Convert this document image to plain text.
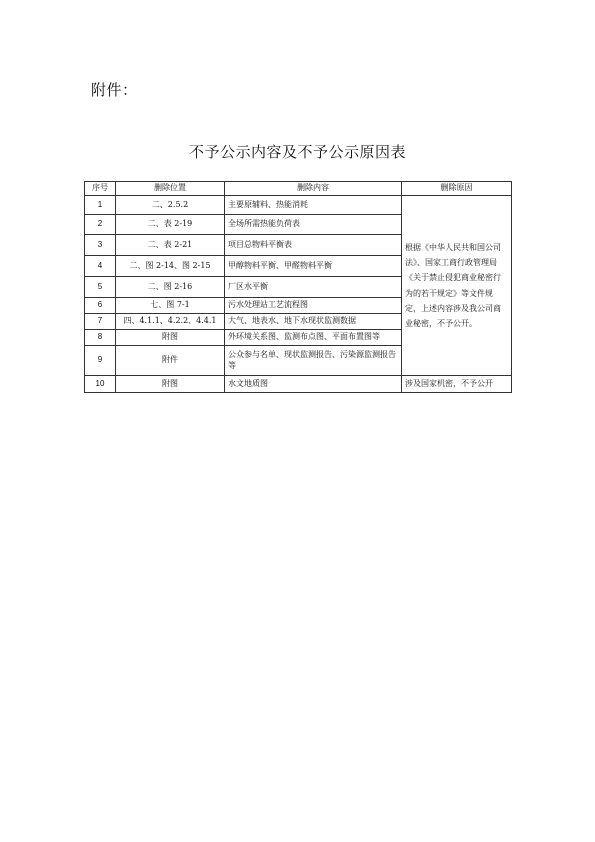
附件：
不予公示内容及不予公示原因表
序号	删除位置	删除内容	删除原因
1	二、2.5.2	主要原辅料、热能消耗	根据《中华人民共和国公司法》、国家工商行政管理局《关于禁止侵犯商业秘密行为的若干规定》等文件规定，上述内容涉及我公司商业秘密，不予公开。
2	二、表 2-19	全场所需热能负荷表	
3	二、表 2-21	项目总物料平衡表	
4	二、图 2-14、图 2-15	甲醇物料平衡、甲醛物料平衡	
5	二、图 2-16	厂区水平衡	
6	七、图 7-1	污水处理站工艺流程图	
7	四、4.1.1、4.2.2、4.4.1	大气、地表水、地下水现状监测数据	
8	附图	外环境关系图、监测布点图、平面布置图等	
9	附件	公众参与名单、现状监测报告、污染源监测报告等	
10	附图	水文地质图	涉及国家机密，不予公开
